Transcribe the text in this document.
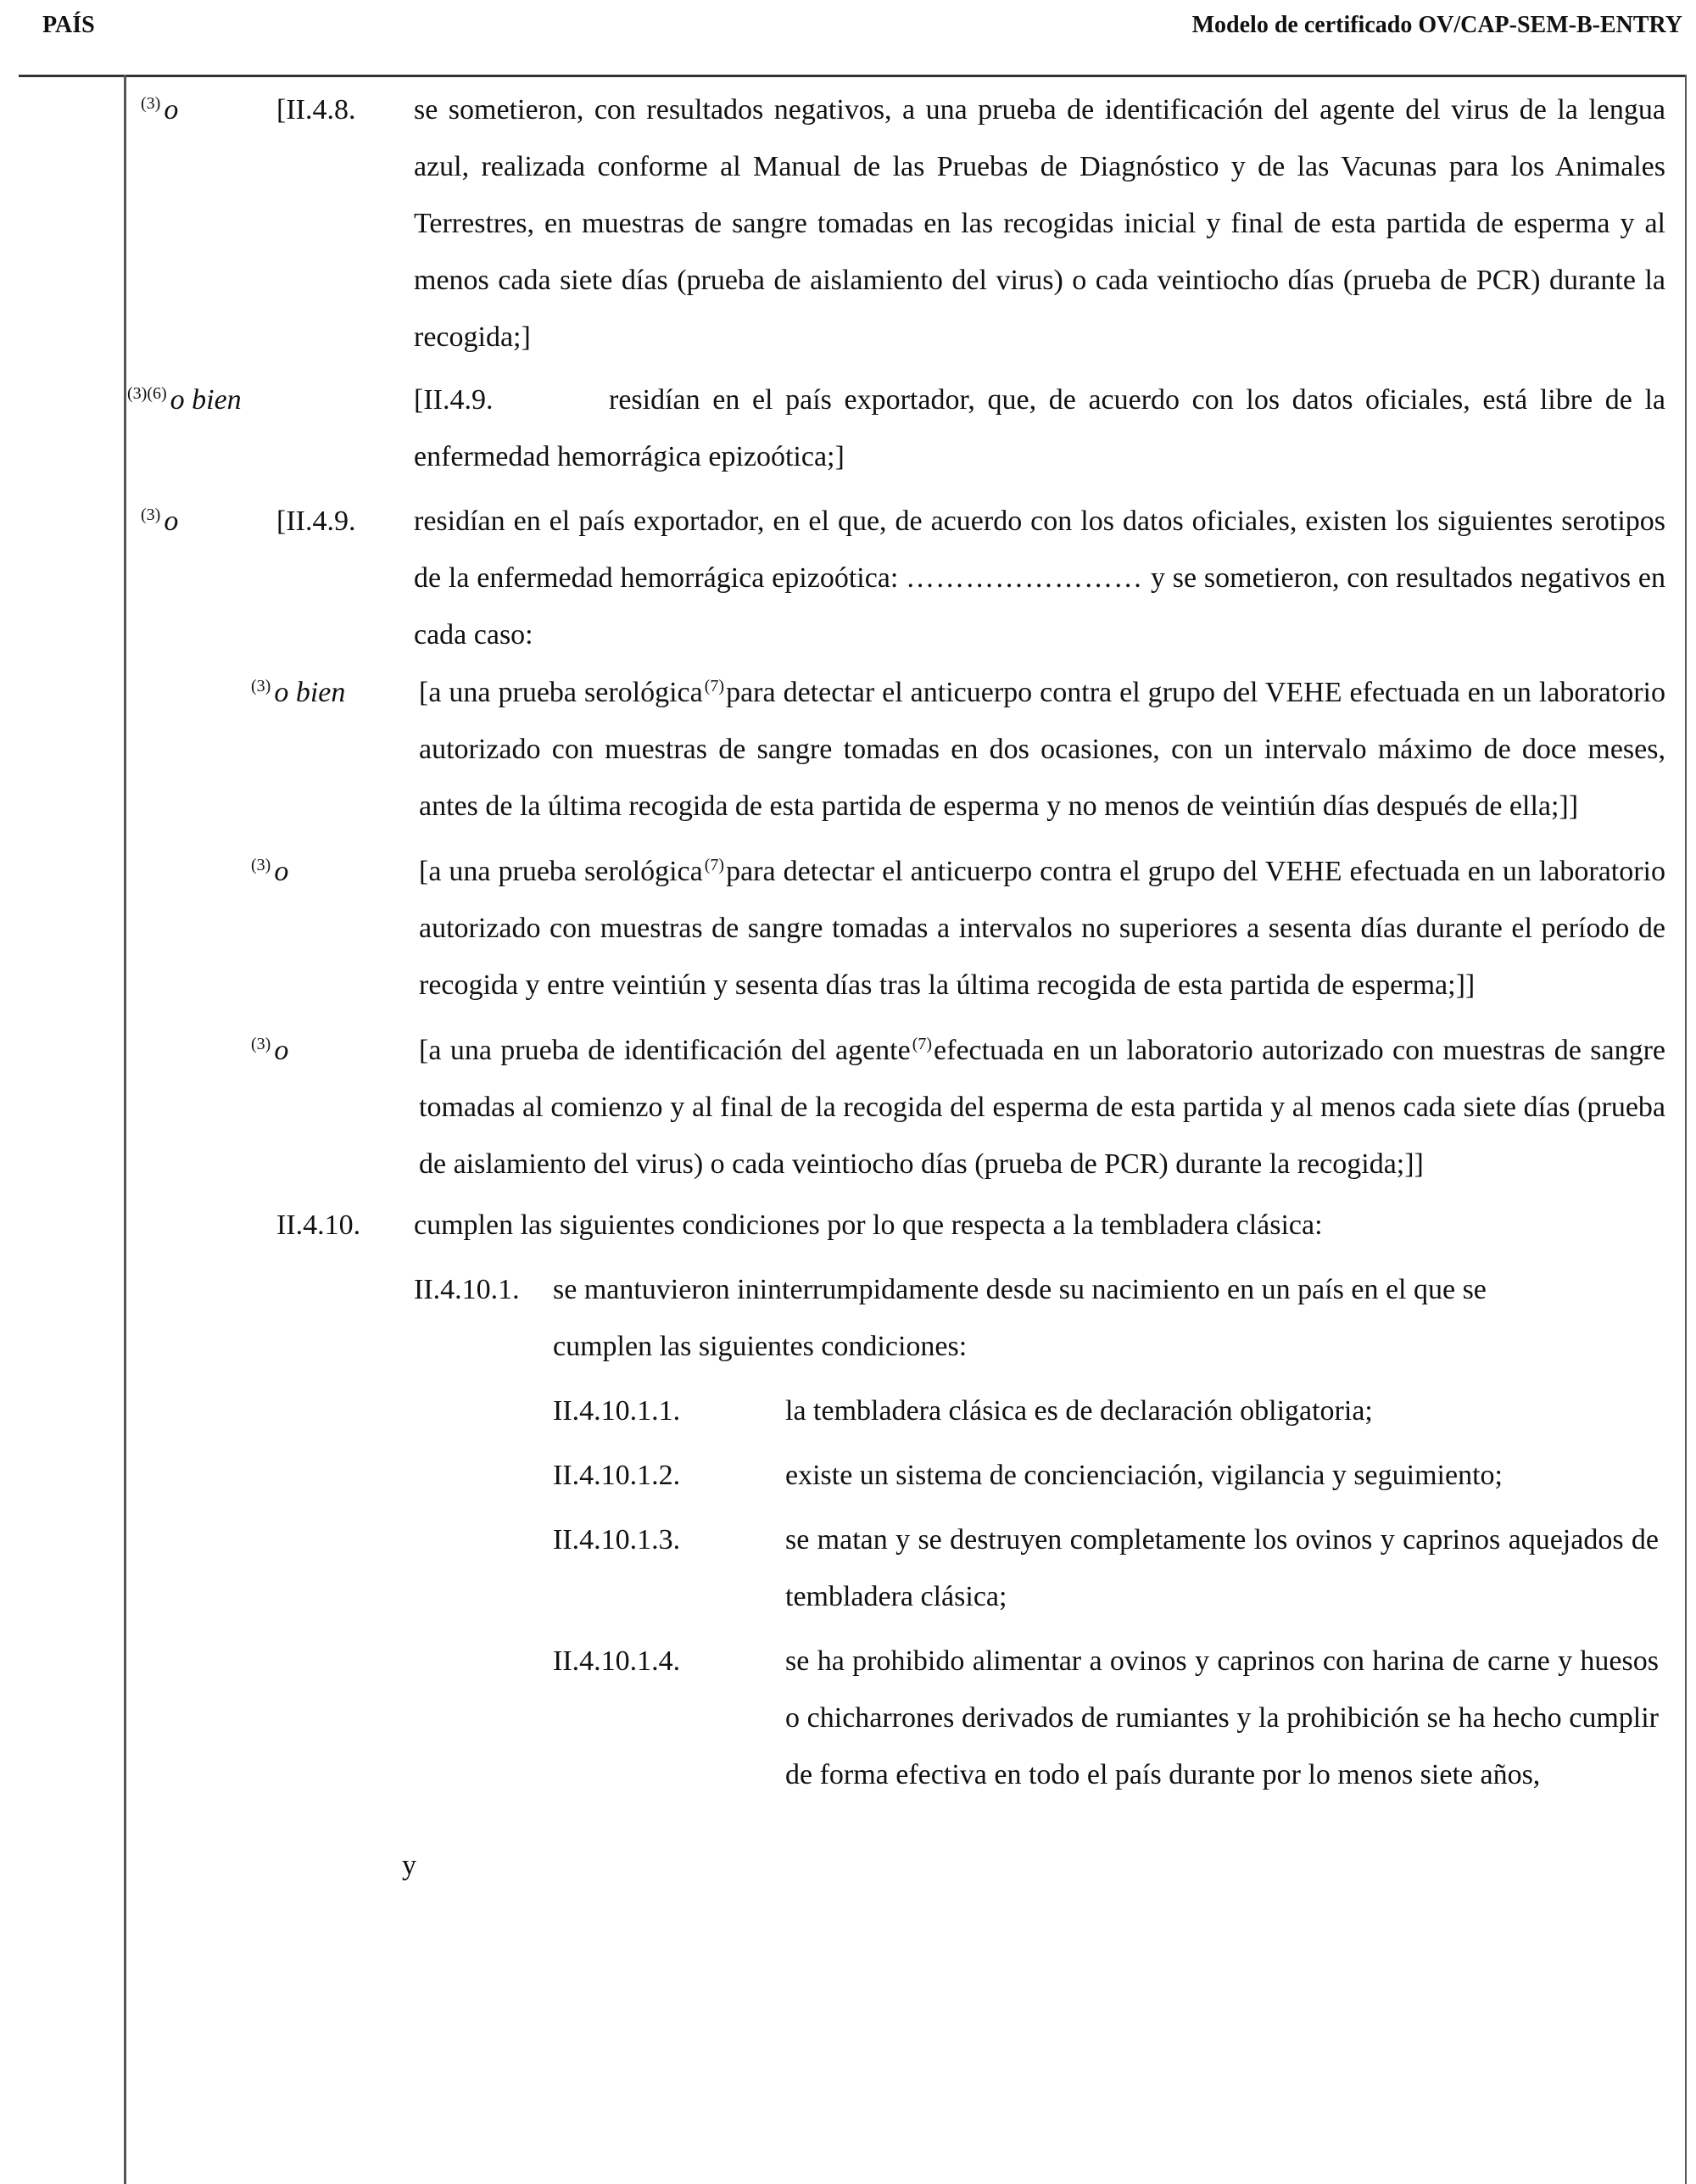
PAÍS	Modelo de certificado OV/CAP-SEM-B-ENTRY
$^{(3)}$ o	[II.4.8. se sometieron, con resultados negativos, a una prueba de identificación del agente del virus de la lengua azul, realizada conforme al Manual de las Pruebas de Diagnóstico y de las Vacunas para los Animales Terrestres, en muestras de sangre tomadas en las recogidas inicial y final de esta partida de esperma y al menos cada siete días (prueba de aislamiento del virus) o cada veintiocho días (prueba de PCR) durante la recogida;]
$^{(3)(6)}$ o bien	[II.4.9.	residían en el país exportador, que, de acuerdo con los datos oficiales, está libre de la enfermedad hemorrágica epizoótica;]
$^{(3)}$ o	[II.4.9. residían en el país exportador, en el que, de acuerdo con los datos oficiales, existen los siguientes serotipos de la enfermedad hemorrágica epizoótica: …………………… y se sometieron, con resultados negativos en cada caso:
$^{(3)}$ o bien	[a una prueba serológica $^{(7)}$para detectar el anticuerpo contra el grupo del VEHE efectuada en un laboratorio autorizado con muestras de sangre tomadas en dos ocasiones, con un intervalo máximo de doce meses, antes de la última recogida de esta partida de esperma y no menos de veintiún días después de ella;]]
$^{(3)}$ o	[a una prueba serológica $^{(7)}$para detectar el anticuerpo contra el grupo del VEHE efectuada en un laboratorio autorizado con muestras de sangre tomadas a intervalos no superiores a sesenta días durante el período de recogida y entre veintiún y sesenta días tras la última recogida de esta partida de esperma;]]
$^{(3)}$ o	[a una prueba de identificación del agente $^{(7)}$efectuada en un laboratorio autorizado con muestras de sangre tomadas al comienzo y al final de la recogida del esperma de esta partida y al menos cada siete días (prueba de aislamiento del virus) o cada veintiocho días (prueba de PCR) durante la recogida;]]
II.4.10. cumplen las siguientes condiciones por lo que respecta a la tembladera clásica:
II.4.10.1. se mantuvieron ininterrumpidamente desde su nacimiento en un país en el que se cumplen las siguientes condiciones:
II.4.10.1.1.	la tembladera clásica es de declaración obligatoria;
II.4.10.1.2.	existe un sistema de concienciación, vigilancia y seguimiento;
II.4.10.1.3.	se matan y se destruyen completamente los ovinos y caprinos aquejados de tembladera clásica;
II.4.10.1.4.	se ha prohibido alimentar a ovinos y caprinos con harina de carne y huesos o chicharrones derivados de rumiantes y la prohibición se ha hecho cumplir de forma efectiva en todo el país durante por lo menos siete años,
y
